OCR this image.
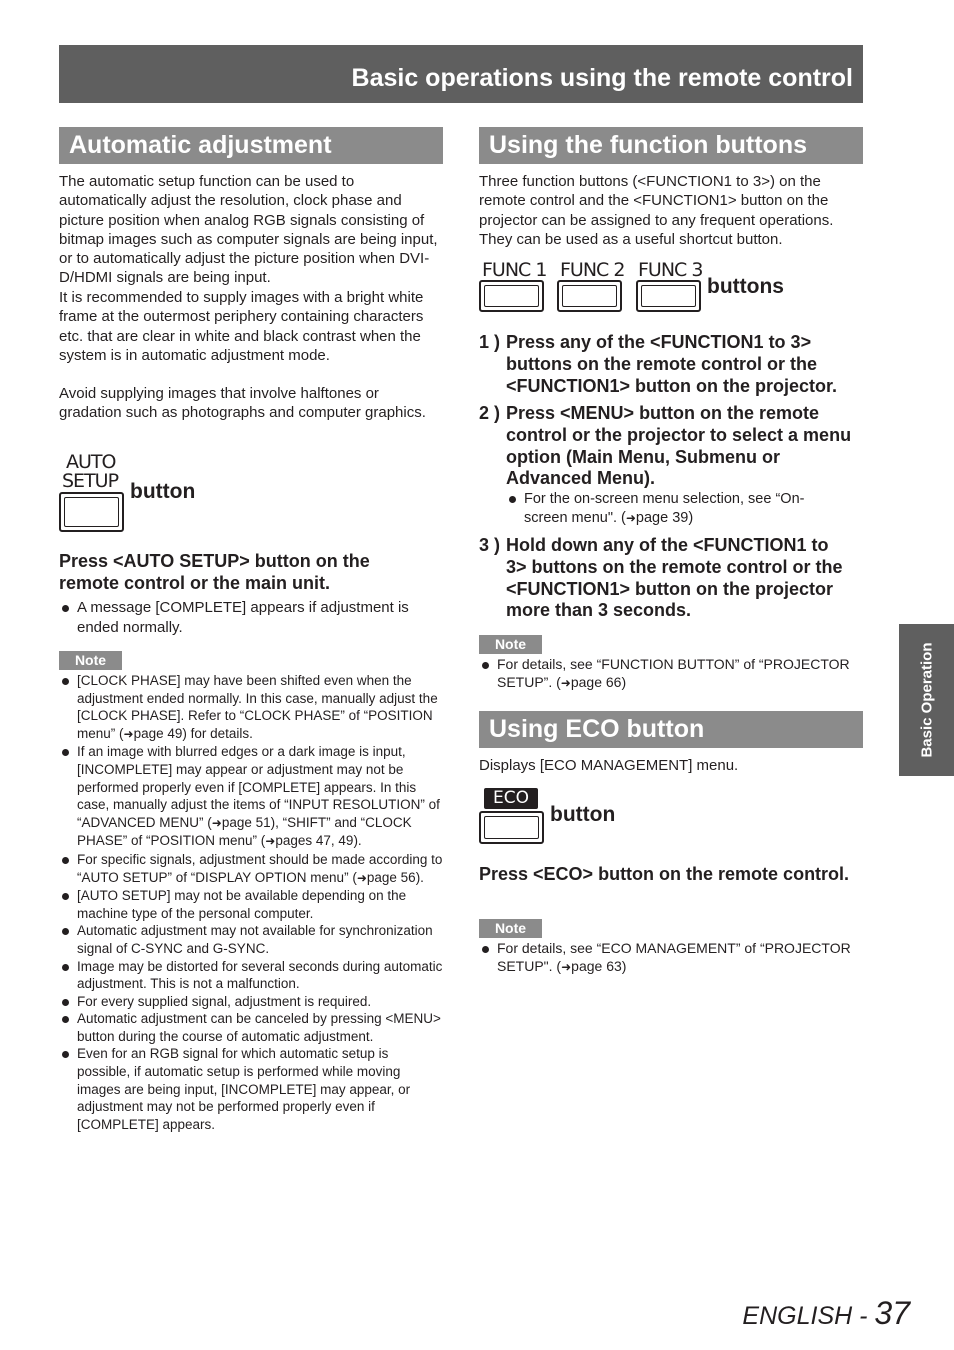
Basic operations using the remote control
Automatic adjustment

The automatic setup function can be used to automatically adjust the resolution, clock phase and picture position when analog RGB signals consisting of bitmap images such as computer signals are being input, or to automatically adjust the picture position when DVI-D/HDMI signals are being input.

It is recommended to supply images with a bright white frame at the outermost periphery containing characters etc. that are clear in white and black contrast when the system is in automatic adjustment mode.

Avoid supplying images that involve halftones or gradation such as photographs and computer graphics.

AUTO
SETUP button

Press <AUTO SETUP> button on the remote control or the main unit.

A message [COMPLETE] appears if adjustment is ended normally.
Note
[CLOCK PHASE] may have been shifted even when the adjustment ended normally. In this case, manually adjust the [CLOCK PHASE]. Refer to “CLOCK PHASE” of “POSITION menu” (➜page 49) for details.
If an image with blurred edges or a dark image is input, [INCOMPLETE] may appear or adjustment may not be performed properly even if [COMPLETE] appears. In this case, manually adjust the items of “INPUT RESOLUTION” of “ADVANCED MENU” (➜page 51), “SHIFT” and “CLOCK PHASE” of “POSITION menu” (➜pages 47, 49).
For specific signals, adjustment should be made according to “AUTO SETUP” of “DISPLAY OPTION menu” (➜page 56).
[AUTO SETUP] may not be available depending on the machine type of the personal computer.
Automatic adjustment may not available for synchronization signal of C-SYNC and G-SYNC.
Image may be distorted for several seconds during automatic adjustment. This is not a malfunction.
For every supplied signal, adjustment is required.
Automatic adjustment can be canceled by pressing <MENU> button during the course of automatic adjustment.
Even for an RGB signal for which automatic setup is possible, if automatic setup is performed while moving images are being input, [INCOMPLETE] may appear, or adjustment may not be performed properly even if [COMPLETE] appears.
Using the function buttons

Three function buttons (<FUNCTION1 to 3>) on the remote control and the <FUNCTION1> button on the projector can be assigned to any frequent operations. They can be used as a useful shortcut button.

FUNC 1 FUNC 2 FUNC 3
buttons
1 ) Press any of the <FUNCTION1 to 3> buttons on the remote control or the <FUNCTION1> button on the projector.

2 ) Press <MENU> button on the remote control or the projector to select a menu option (Main Menu, Submenu or Advanced Menu).

For the on-screen menu selection, see “On-screen menu". (➜page 39)
3 ) Hold down any of the <FUNCTION1 to 3> buttons on the remote control or the <FUNCTION1> button on the projector more than 3 seconds.

Note
For details, see “FUNCTION BUTTON” of “PROJECTOR SETUP”. (➜page 66)
Using ECO button

Displays [ECO MANAGEMENT] menu.

ECO
button

Press <ECO> button on the remote control.

Note
For details, see “ECO MANAGEMENT” of “PROJECTOR SETUP". (➜page 63)
Basic Operation
ENGLISH - 37
